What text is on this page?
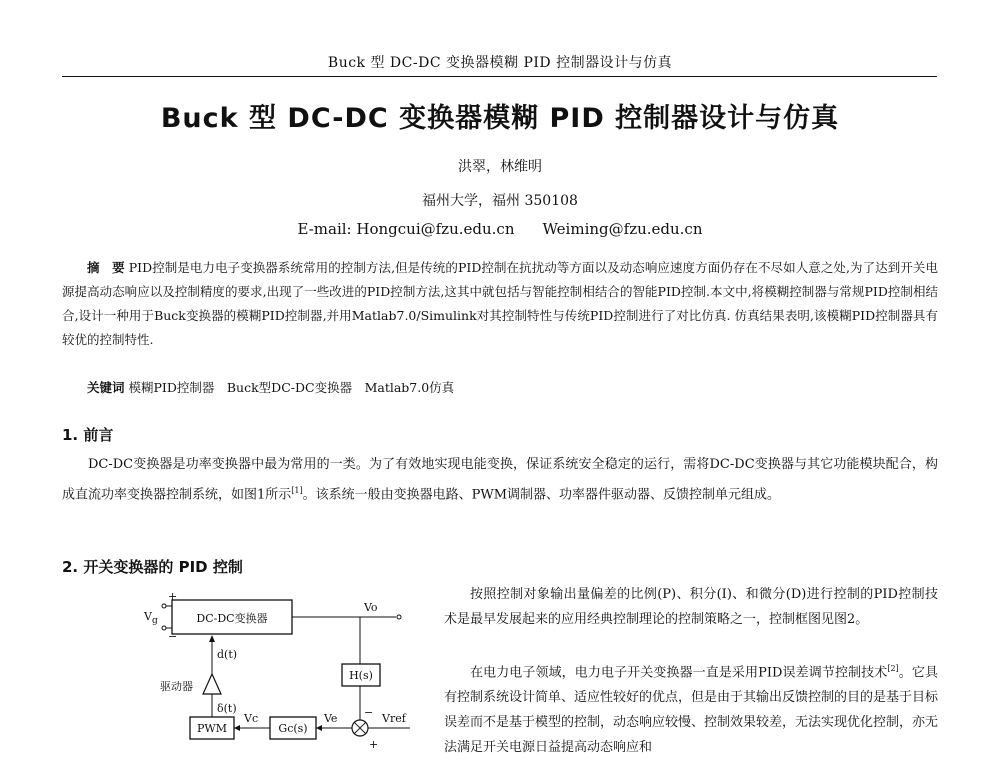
Buck 型 DC-DC 变换器模糊 PID 控制器设计与仿真
Buck 型 DC-DC 变换器模糊 PID 控制器设计与仿真
洪翠，林维明
福州大学，福州 350108
E-mail: Hongcui@fzu.edu.cn Weiming@fzu.edu.cn
摘　要 PID控制是电力电子变换器系统常用的控制方法,但是传统的PID控制在抗扰动等方面以及动态响应速度方面仍存在不尽如人意之处,为了达到开关电源提高动态响应以及控制精度的要求,出现了一些改进的PID控制方法,这其中就包括与智能控制相结合的智能PID控制.本文中,将模糊控制器与常规PID控制相结合,设计一种用于Buck变换器的模糊PID控制器,并用Matlab7.0/Simulink对其控制特性与传统PID控制进行了对比仿真. 仿真结果表明,该模糊PID控制器具有较优的控制特性.
关键词 模糊PID控制器　Buck型DC-DC变换器　Matlab7.0仿真
1. 前言
DC-DC变换器是功率变换器中最为常用的一类。为了有效地实现电能变换，保证系统安全稳定的运行，需将DC-DC变换器与其它功能模块配合，构成直流功率变换器控制系统，如图1所示[1]。该系统一般由变换器电路、PWM调制器、功率器件驱动器、反馈控制单元组成。
2. 开关变换器的 PID 控制
按照控制对象输出量偏差的比例(P)、积分(I)、和微分(D)进行控制的PID控制技术是最早发展起来的应用经典控制理论的控制策略之一，控制框图见图2。
在电力电子领域，电力电子开关变换器一直是采用PID误差调节控制技术[2]。它具有控制系统设计简单、适应性较好的优点，但是由于其输出反馈控制的目的是基于目标误差而不是基于模型的控制，动态响应较慢、控制效果较差，无法实现优化控制，亦无法满足开关电源日益提高动态响应和
DC-DC变换器
+
−
$V_g$
Vo
H(s)
−
+
Vref
Ve
Gc(s)
Vc
PWM
δ(t)
驱动器
d(t)
